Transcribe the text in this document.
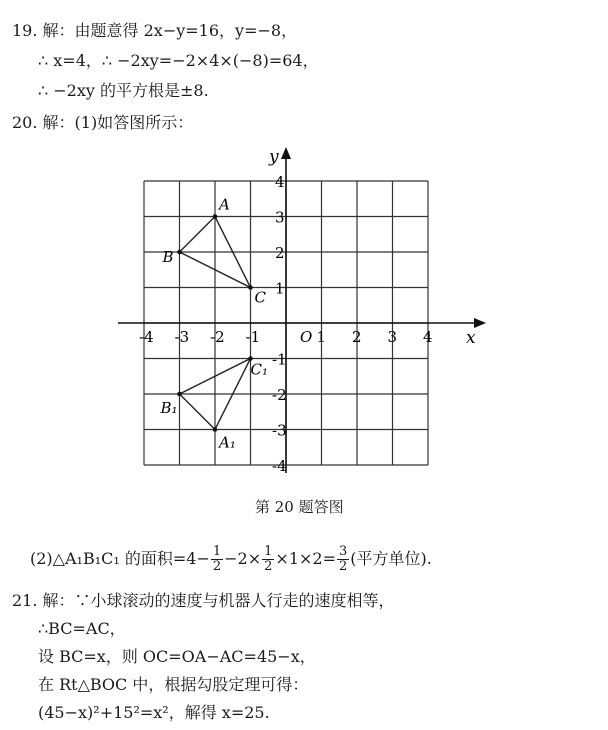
19. 解：由题意得 2x−y=16，y=−8，
∴ x=4，∴ −2xy=−2×4×(−8)=64，
∴ −2xy 的平方根是±8.
20. 解：(1)如答图所示：
x
y
-4 -3 -2 -1	1 2 3 4
4
3
2
1
-1
-2
-3
-4
O
A
B
C
A₁
B₁
C₁
第 20 题答图
(2)△A₁B₁C₁ 的面积$=4- \frac{1}{2} -2\times \frac{1}{2} \times 1\times 2= \frac{3}{2}$ (平方单位).
21. 解：∵小球滚动的速度与机器人行走的速度相等，
∴BC=AC，
设 BC=x，则 OC=OA−AC=45−x，
在 Rt△BOC 中，根据勾股定理可得：
(45−x)²+15²=x²，解得 x=25.
